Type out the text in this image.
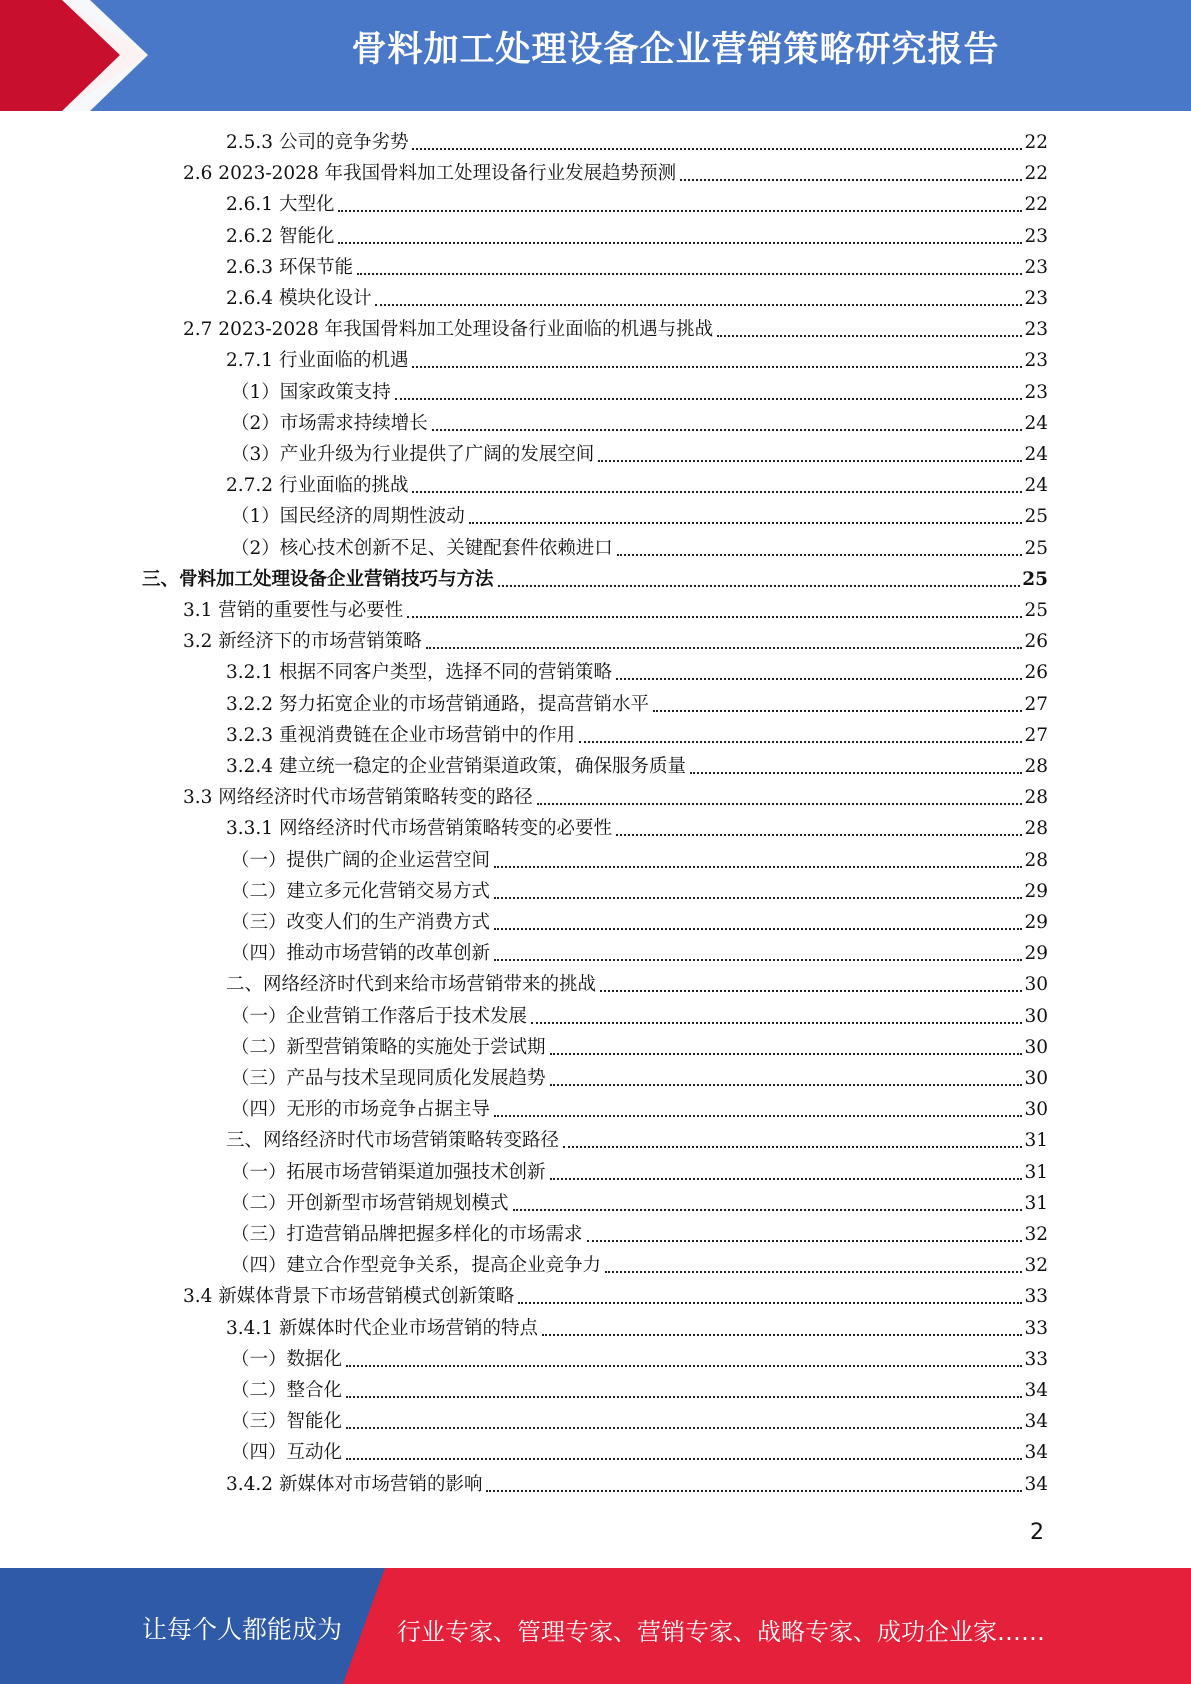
骨料加工处理设备企业营销策略研究报告
2.5.3 公司的竞争劣势	22
2.6 2023-2028 年我国骨料加工处理设备行业发展趋势预测	22
2.6.1 大型化	22
2.6.2 智能化	23
2.6.3 环保节能	23
2.6.4 模块化设计	23
2.7 2023-2028 年我国骨料加工处理设备行业面临的机遇与挑战	23
2.7.1 行业面临的机遇	23
（1）国家政策支持	23
（2）市场需求持续增长	24
（3）产业升级为行业提供了广阔的发展空间	24
2.7.2 行业面临的挑战	24
（1）国民经济的周期性波动	25
（2）核心技术创新不足、关键配套件依赖进口	25
三、骨料加工处理设备企业营销技巧与方法	25
3.1 营销的重要性与必要性	25
3.2 新经济下的市场营销策略	26
3.2.1 根据不同客户类型，选择不同的营销策略	26
3.2.2 努力拓宽企业的市场营销通路，提高营销水平	27
3.2.3 重视消费链在企业市场营销中的作用	27
3.2.4 建立统一稳定的企业营销渠道政策，确保服务质量	28
3.3 网络经济时代市场营销策略转变的路径	28
3.3.1 网络经济时代市场营销策略转变的必要性	28
（一）提供广阔的企业运营空间	28
（二）建立多元化营销交易方式	29
（三）改变人们的生产消费方式	29
（四）推动市场营销的改革创新	29
二、网络经济时代到来给市场营销带来的挑战	30
（一）企业营销工作落后于技术发展	30
（二）新型营销策略的实施处于尝试期	30
（三）产品与技术呈现同质化发展趋势	30
（四）无形的市场竞争占据主导	30
三、网络经济时代市场营销策略转变路径	31
（一）拓展市场营销渠道加强技术创新	31
（二）开创新型市场营销规划模式	31
（三）打造营销品牌把握多样化的市场需求	32
（四）建立合作型竞争关系，提高企业竞争力	32
3.4 新媒体背景下市场营销模式创新策略	33
3.4.1 新媒体时代企业市场营销的特点	33
（一）数据化	33
（二）整合化	34
（三）智能化	34
（四）互动化	34
3.4.2 新媒体对市场营销的影响	34
2
让每个人都能成为 行业专家、管理专家、营销专家、战略专家、成功企业家……
